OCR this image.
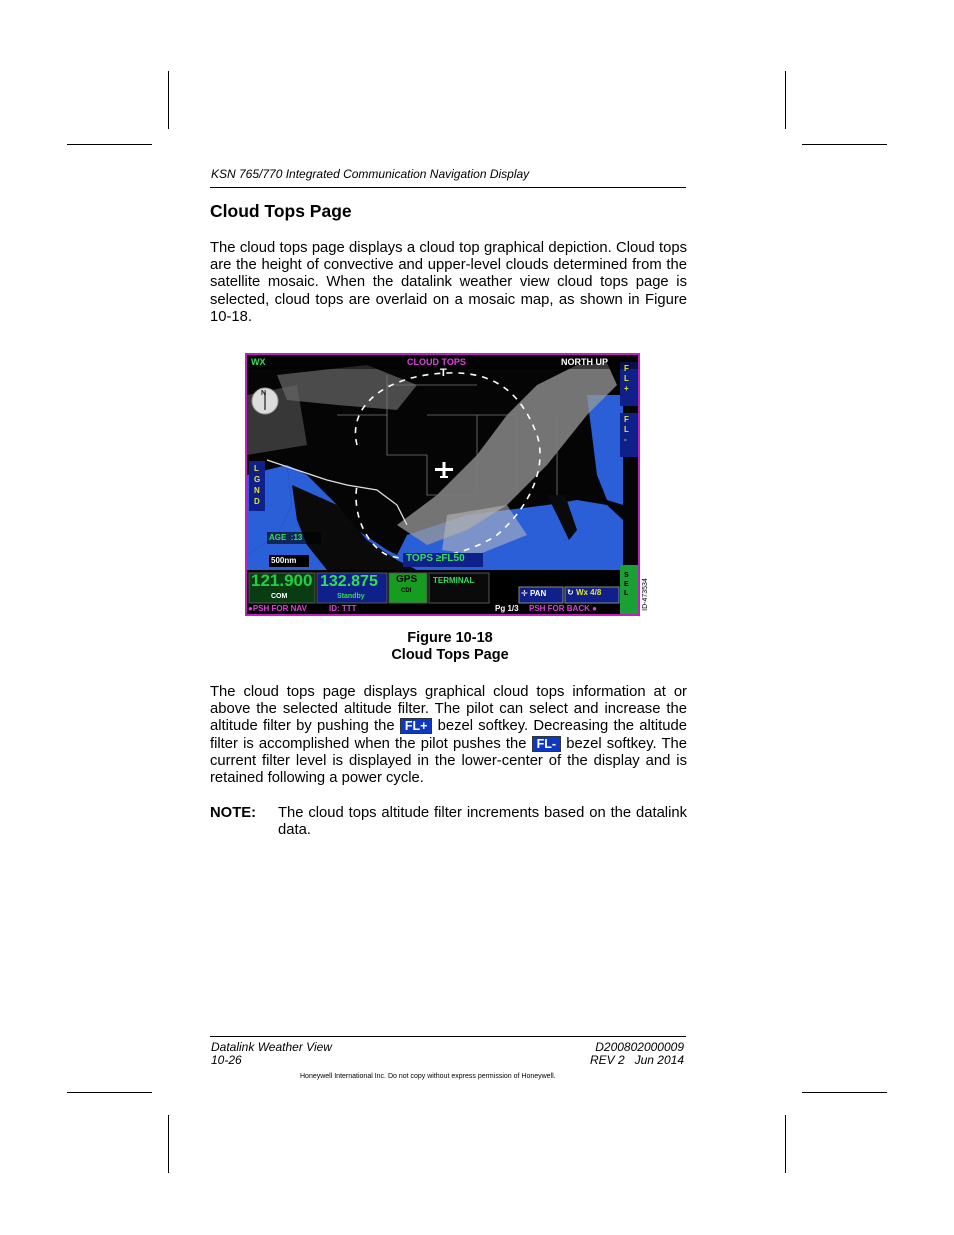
KSN 765/770 Integrated Communication Navigation Display
Cloud Tops Page

The cloud tops page displays a cloud top graphical depiction. Cloud tops are the height of convective and upper-level clouds determined from the satellite mosaic. When the datalink weather view cloud tops page is selected, cloud tops are overlaid on a mosaic map, as shown in Figure 10-18.

WX	CLOUD TOPS	NORTH UP
N
T	F
L
+
F
L
-
L
G
N
D
AGE :13
500nm	TOPS ≥FL50
121.900
COM
132.875
Standby
GPS
CDI
TERMINAL
✛ PAN	↻ Wx 4/8
S
E
L
●PSH FOR NAV	ID: TTT	Pg 1/3 PSH FOR BACK ●	ID-473534
Figure 10-18
Cloud Tops Page

The cloud tops page displays graphical cloud tops information at or above the selected altitude filter. The pilot can select and increase the altitude filter by pushing the FL+ bezel softkey. Decreasing the altitude filter is accomplished when the pilot pushes the FL- bezel softkey. The current filter level is displayed in the lower-center of the display and is retained following a power cycle.

NOTE: The cloud tops altitude filter increments based on the datalink data.
Datalink Weather View
10-26
D200802000009
REV 2   Jun 2014
Honeywell International Inc. Do not copy without express permission of Honeywell.
